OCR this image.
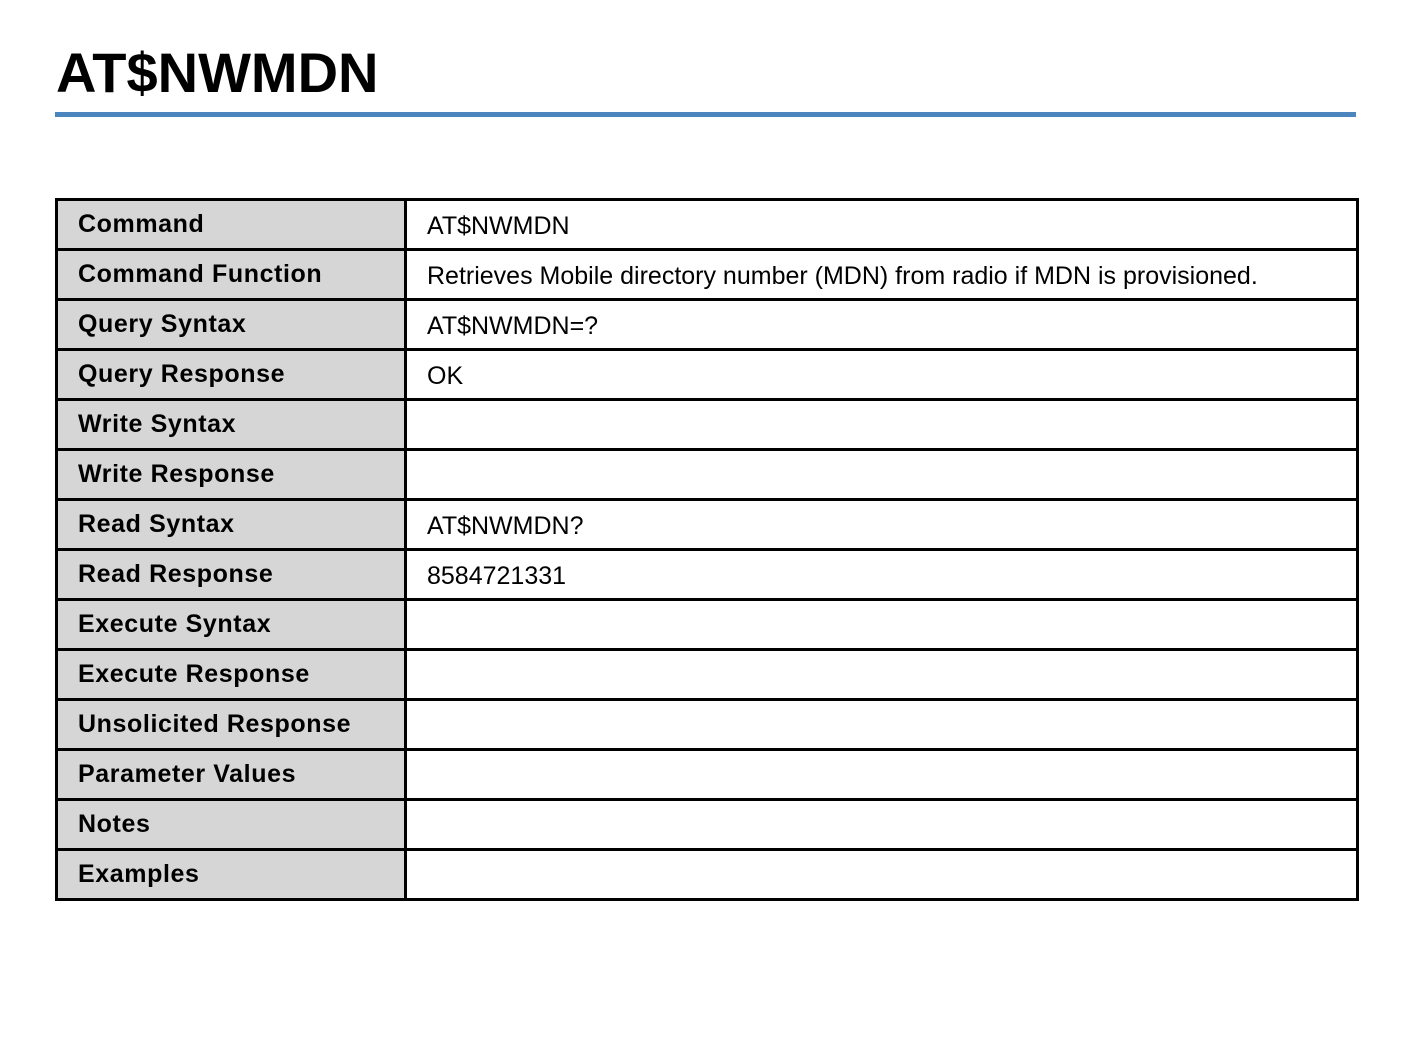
AT$NWMDN
Command	AT$NWMDN
Command Function	Retrieves Mobile directory number (MDN) from radio if MDN is provisioned.
Query Syntax	AT$NWMDN=?
Query Response	OK
Write Syntax	
Write Response	
Read Syntax	AT$NWMDN?
Read Response	8584721331
Execute Syntax	
Execute Response	
Unsolicited Response	
Parameter Values	
Notes	
Examples	
